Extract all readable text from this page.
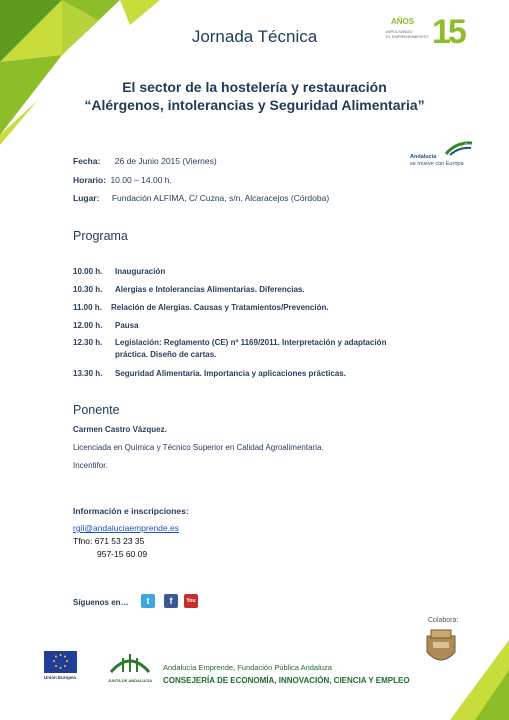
AÑOS
IMPULSANDO
EL EMPRENDIMIENTO 15
Jornada Técnica
El sector de la hostelería y restauración
“Alérgenos, intolerancias y Seguridad Alimentaria”
Andalucía
se mueve con Europa
Fecha: 26 de Junio 2015 (Viernes)
Horario: 10.00 – 14.00 h.
Lugar: Fundación ALFIMA, C/ Cuzna, s/n, Alcaracejos (Córdoba)
Programa
10.00 h. Inauguración
10.30 h. Alergias e Intolerancias Alimentarias. Diferencias.
11.00 h. Relación de Alergias. Causas y Tratamientos/Prevención.
12.00 h. Pausa
12.30 h. Legislación: Reglamento (CE) nº 1169/2011. Interpretación y adaptación
práctica. Diseño de cartas.
13.30 h. Seguridad Alimentaria. Importancia y aplicaciones prácticas.
Ponente
Carmen Castro Vázquez.
Licenciada en Química y Técnico Superior en Calidad Agroalimentaria.
Incentifor.
Información e inscripciones:
rgil@andaluciaemprende.es
Tfno: 671 53 23 35
957-15 60 09
Síguenos en…	t	f	You Tube
Colabora:
Unión Europea
JUNTA DE ANDALUCIA
Andalucía Emprende, Fundación Pública Andaluza
CONSEJERÍA DE ECONOMÍA, INNOVACIÓN, CIENCIA Y EMPLEO
